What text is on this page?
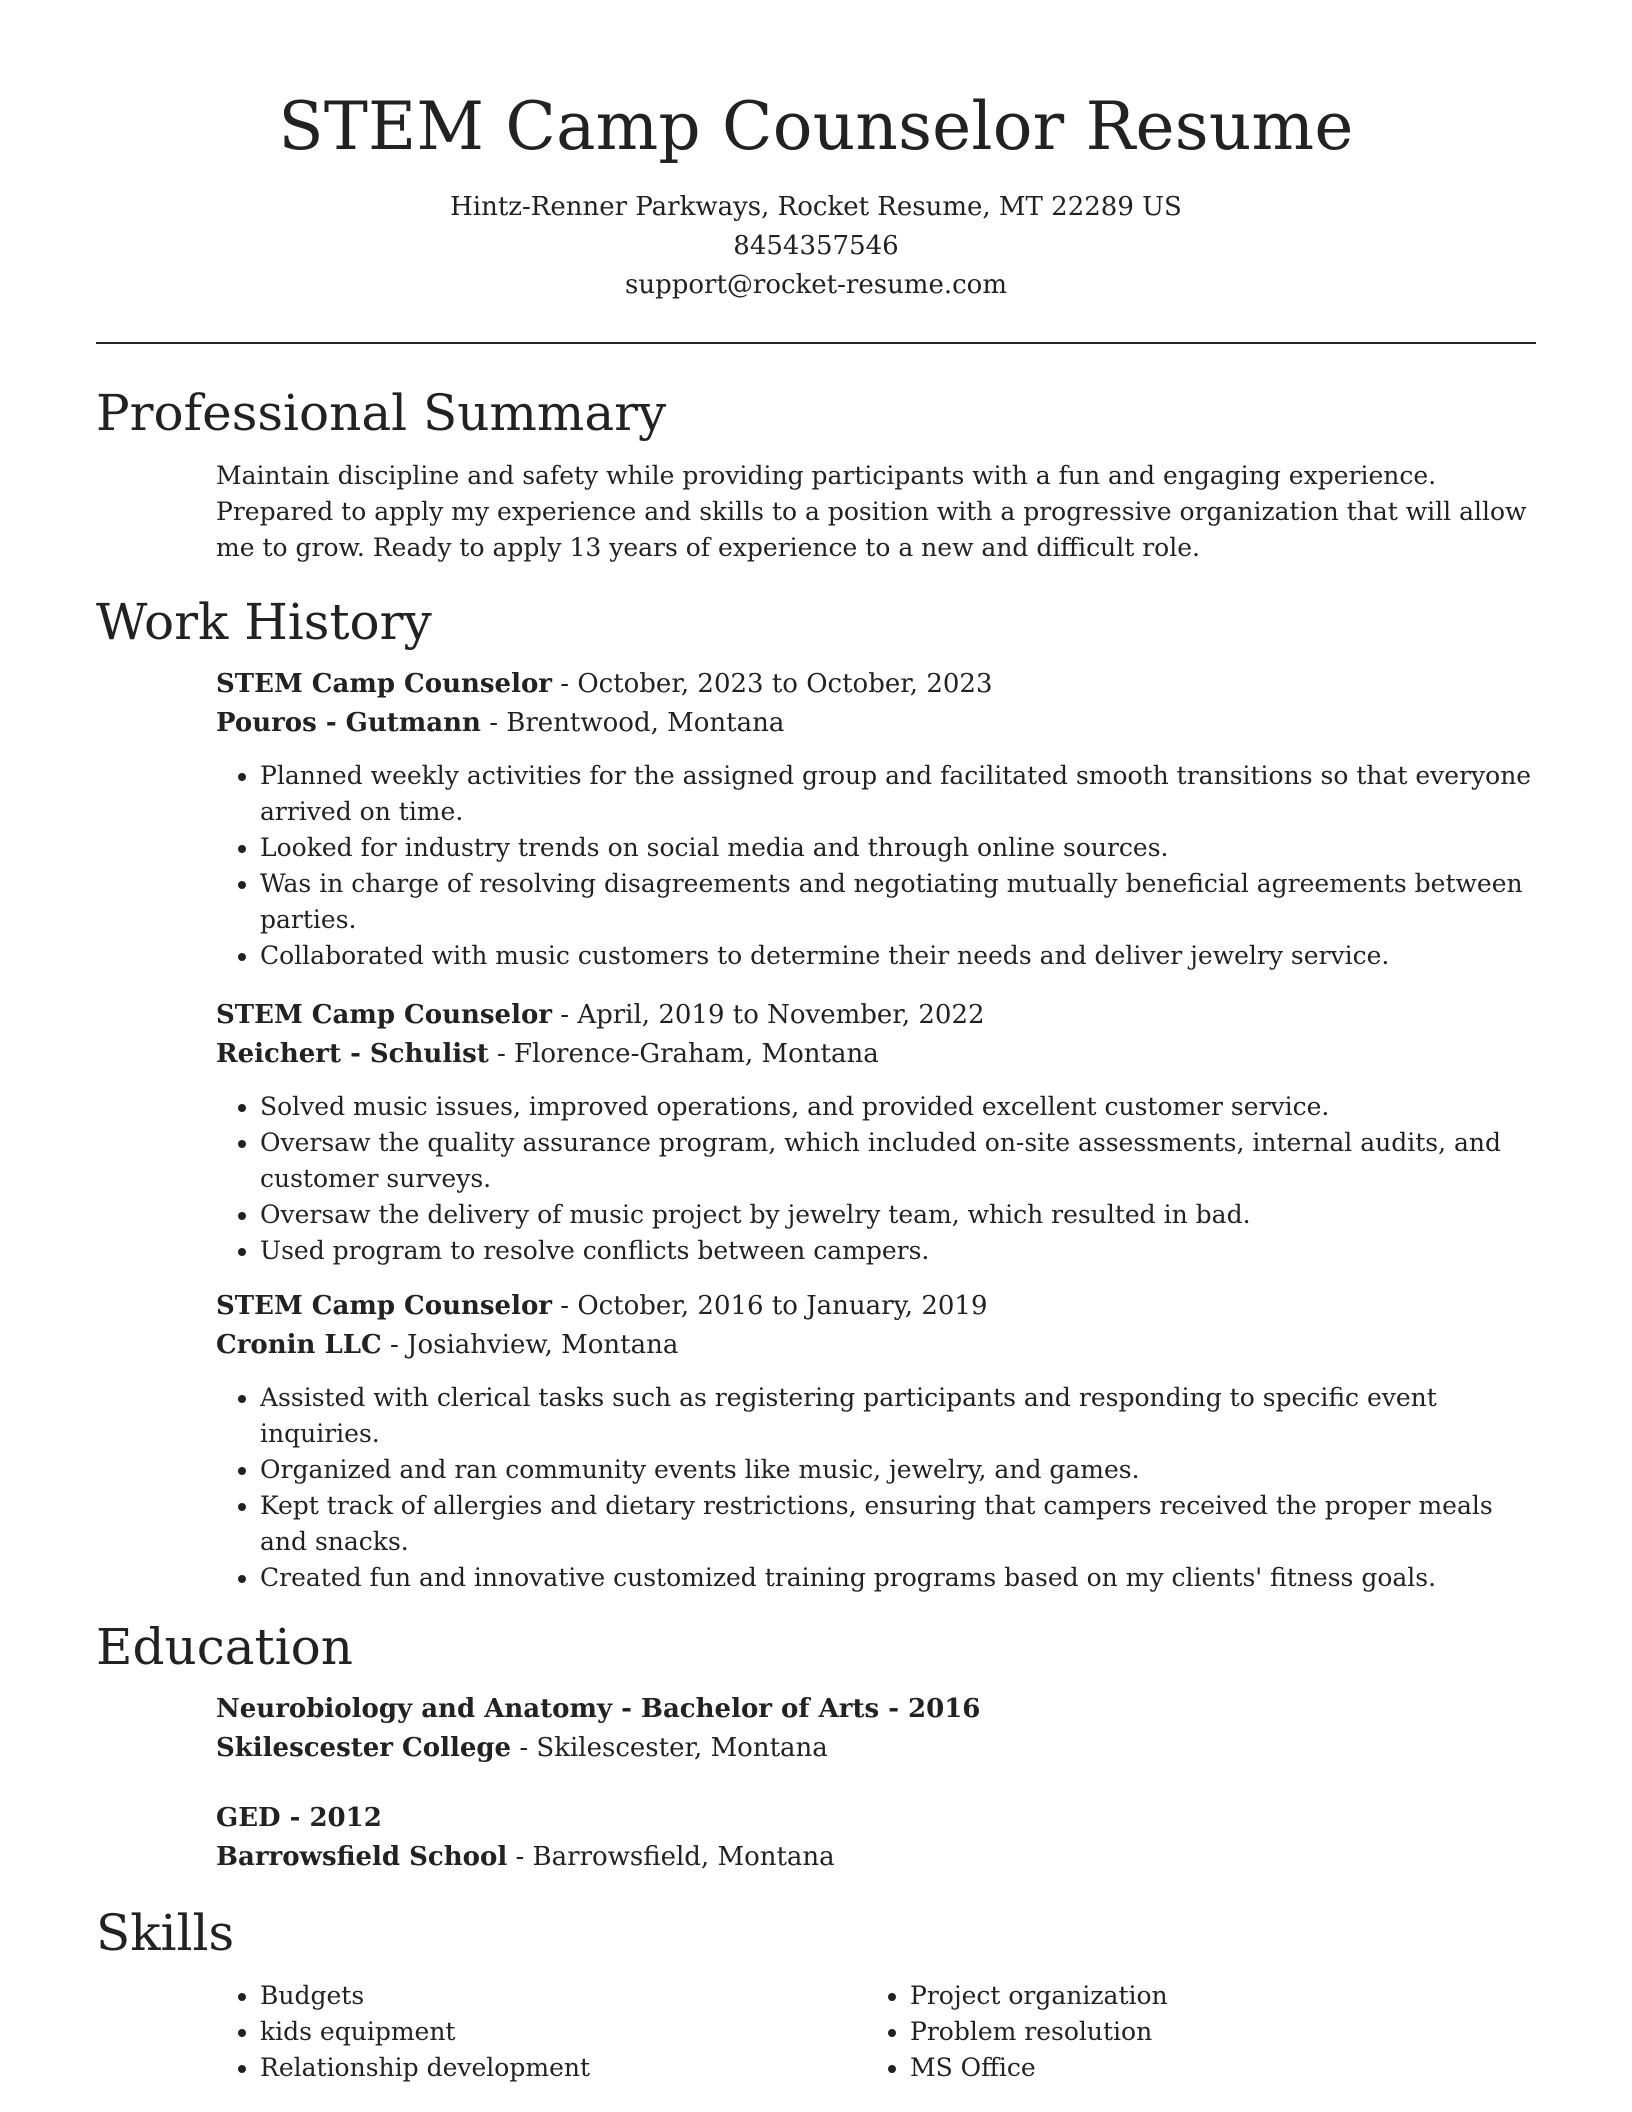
STEM Camp Counselor Resume
Hintz-Renner Parkways, Rocket Resume, MT 22289 US
8454357546
support@rocket-resume.com
Professional Summary

Maintain discipline and safety while providing participants with a fun and engaging experience. Prepared to apply my experience and skills to a position with a progressive organization that will allow me to grow. Ready to apply 13 years of experience to a new and difficult role.

Work History
STEM Camp Counselor - October, 2023 to October, 2023
Pouros - Gutmann - Brentwood, Montana
• Planned weekly activities for the assigned group and facilitated smooth transitions so that everyone arrived on time.
• Looked for industry trends on social media and through online sources.
• Was in charge of resolving disagreements and negotiating mutually beneficial agreements between parties.
• Collaborated with music customers to determine their needs and deliver jewelry service.
STEM Camp Counselor - April, 2019 to November, 2022
Reichert - Schulist - Florence-Graham, Montana
• Solved music issues, improved operations, and provided excellent customer service.
• Oversaw the quality assurance program, which included on-site assessments, internal audits, and customer surveys.
• Oversaw the delivery of music project by jewelry team, which resulted in bad.
• Used program to resolve conflicts between campers.
STEM Camp Counselor - October, 2016 to January, 2019
Cronin LLC - Josiahview, Montana
• Assisted with clerical tasks such as registering participants and responding to specific event inquiries.
• Organized and ran community events like music, jewelry, and games.
• Kept track of allergies and dietary restrictions, ensuring that campers received the proper meals and snacks.
• Created fun and innovative customized training programs based on my clients' fitness goals.
Education
Neurobiology and Anatomy - Bachelor of Arts - 2016
Skilescester College - Skilescester, Montana
GED - 2012
Barrowsfield School - Barrowsfield, Montana
Skills
• Budgets
• kids equipment
• Relationship development
• Project organization
• Problem resolution
• MS Office
